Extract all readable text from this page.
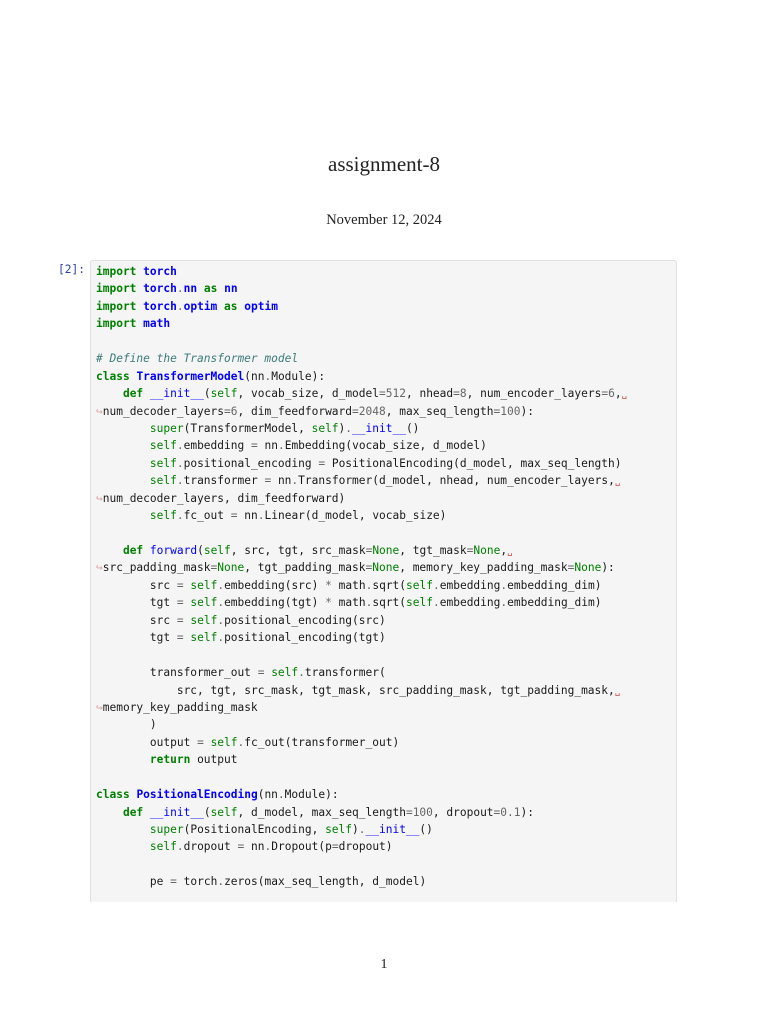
assignment-8
November 12, 2024
[2]: import torch
import torch.nn as nn
import torch.optim as optim
import math
# Define the Transformer model
class TransformerModel(nn.Module):
def __init__(self, vocab_size, d_model=512, nhead=8, num_encoder_layers=6,␣
↪num_decoder_layers=6, dim_feedforward=2048, max_seq_length=100):
super(TransformerModel, self).__init__()
self.embedding = nn.Embedding(vocab_size, d_model)
self.positional_encoding = PositionalEncoding(d_model, max_seq_length)
self.transformer = nn.Transformer(d_model, nhead, num_encoder_layers,␣
↪num_decoder_layers, dim_feedforward)
self.fc_out = nn.Linear(d_model, vocab_size)
def forward(self, src, tgt, src_mask=None, tgt_mask=None,␣
↪src_padding_mask=None, tgt_padding_mask=None, memory_key_padding_mask=None):
src = self.embedding(src) * math.sqrt(self.embedding.embedding_dim)
tgt = self.embedding(tgt) * math.sqrt(self.embedding.embedding_dim)
src = self.positional_encoding(src)
tgt = self.positional_encoding(tgt)
transformer_out = self.transformer(
src, tgt, src_mask, tgt_mask, src_padding_mask, tgt_padding_mask,␣
↪memory_key_padding_mask
)
output = self.fc_out(transformer_out)
return output
class PositionalEncoding(nn.Module):
def __init__(self, d_model, max_seq_length=100, dropout=0.1):
super(PositionalEncoding, self).__init__()
self.dropout = nn.Dropout(p=dropout)
pe = torch.zeros(max_seq_length, d_model)
1
